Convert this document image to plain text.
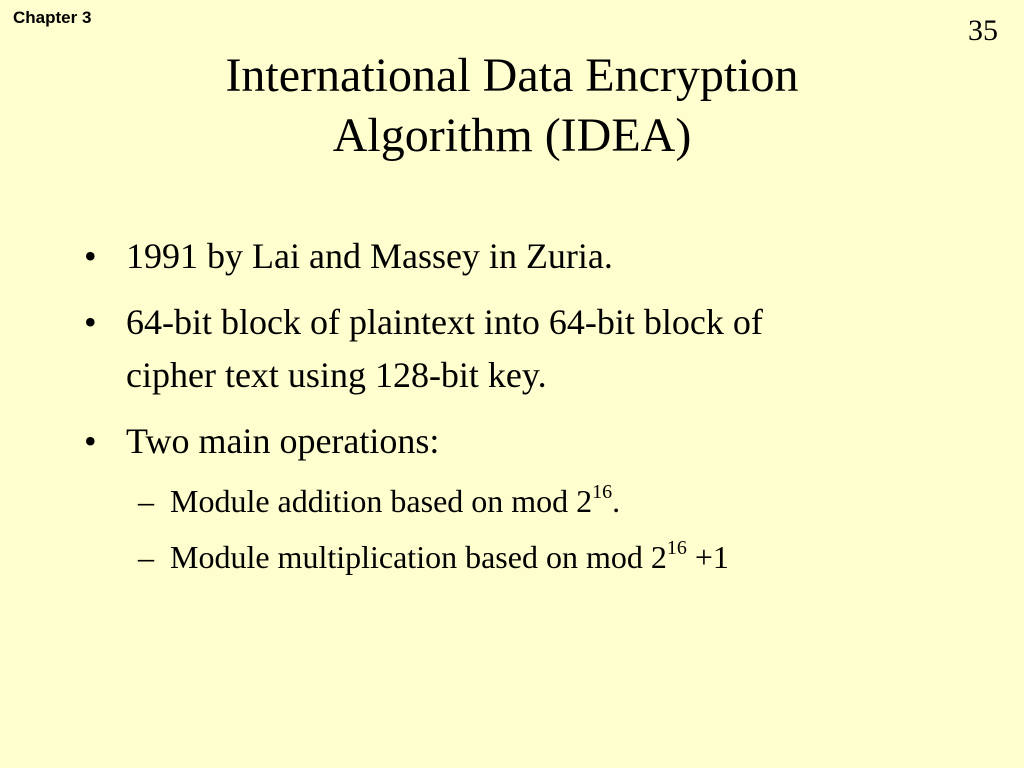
Chapter 3	35
International Data Encryption
Algorithm (IDEA)
• 1991 by Lai and Massey in Zuria.
• 64-bit block of plaintext into 64-bit block of
cipher text using 128-bit key.
• Two main operations:
– Module addition based on mod $2^{16}$.
– Module multiplication based on mod $2^{16} +1$
